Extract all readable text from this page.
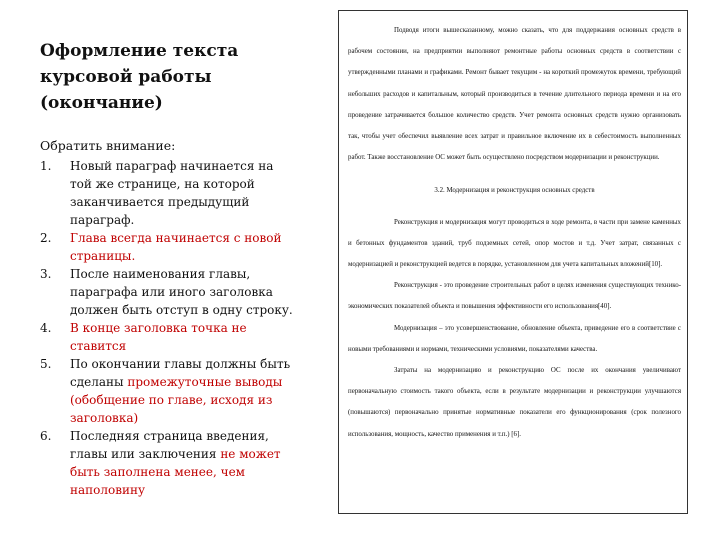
Оформление текста
курсовой работы
(окончание)
Обратить внимание:
1.	Новый параграф начинается на той же странице, на которой заканчивается предыдущий параграф.
2.	Глава всегда начинается с новой страницы.
3.	После наименования главы, параграфа или иного заголовка должен быть отступ в одну строку.
4.	В конце заголовка точка не ставится
5.	По окончании главы должны быть сделаны промежуточные выводы (обобщение по главе, исходя из заголовка)
6.	Последняя страница введения, главы или заключения не может быть заполнена менее, чем наполовину

Подводя итоги вышесказанному, можно сказать, что для поддержания основных средств в рабочем состоянии, на предприятии выполняют ремонтные работы основных средств в соответствии с утвержденными планами и графиками. Ремонт бывает текущим - на короткий промежуток времени, требующий небольших расходов и капитальным, который производиться в течение длительного периода времени и на его проведение затрачивается большое количество средств. Учет ремонта основных средств нужно организовать так, чтобы учет обеспечил выявление всех затрат и правильное включение их в себестоимость выполненных работ. Также восстановление ОС может быть осуществлено посредством модернизации и реконструкции.

3.2. Модернизация и реконструкция основных средств

Реконструкция и модернизация могут проводиться в ходе ремонта, в части при замене каменных и бетонных фундаментов зданий, труб подземных сетей, опор мостов и т.д. Учет затрат, связанных с модернизацией и реконструкцией ведется в порядке, установленном для учета капитальных вложений[10].

Реконструкция - это проведение строительных работ в целях изменения существующих технико-экономических показателей объекта и повышения эффективности его использования[40].

Модернизация – это усовершенствование, обновление объекта, приведение его в соответствие с новыми требованиями и нормами, техническими условиями, показателями качества.

Затраты на модернизацию и реконструкцию ОС после их окончания увеличивают первоначальную стоимость такого объекта, если в результате модернизации и реконструкции улучшаются (повышаются) первоначально принятые нормативные показатели его функционирования (срок полезного использования, мощность, качество применения и т.п.) [6].
